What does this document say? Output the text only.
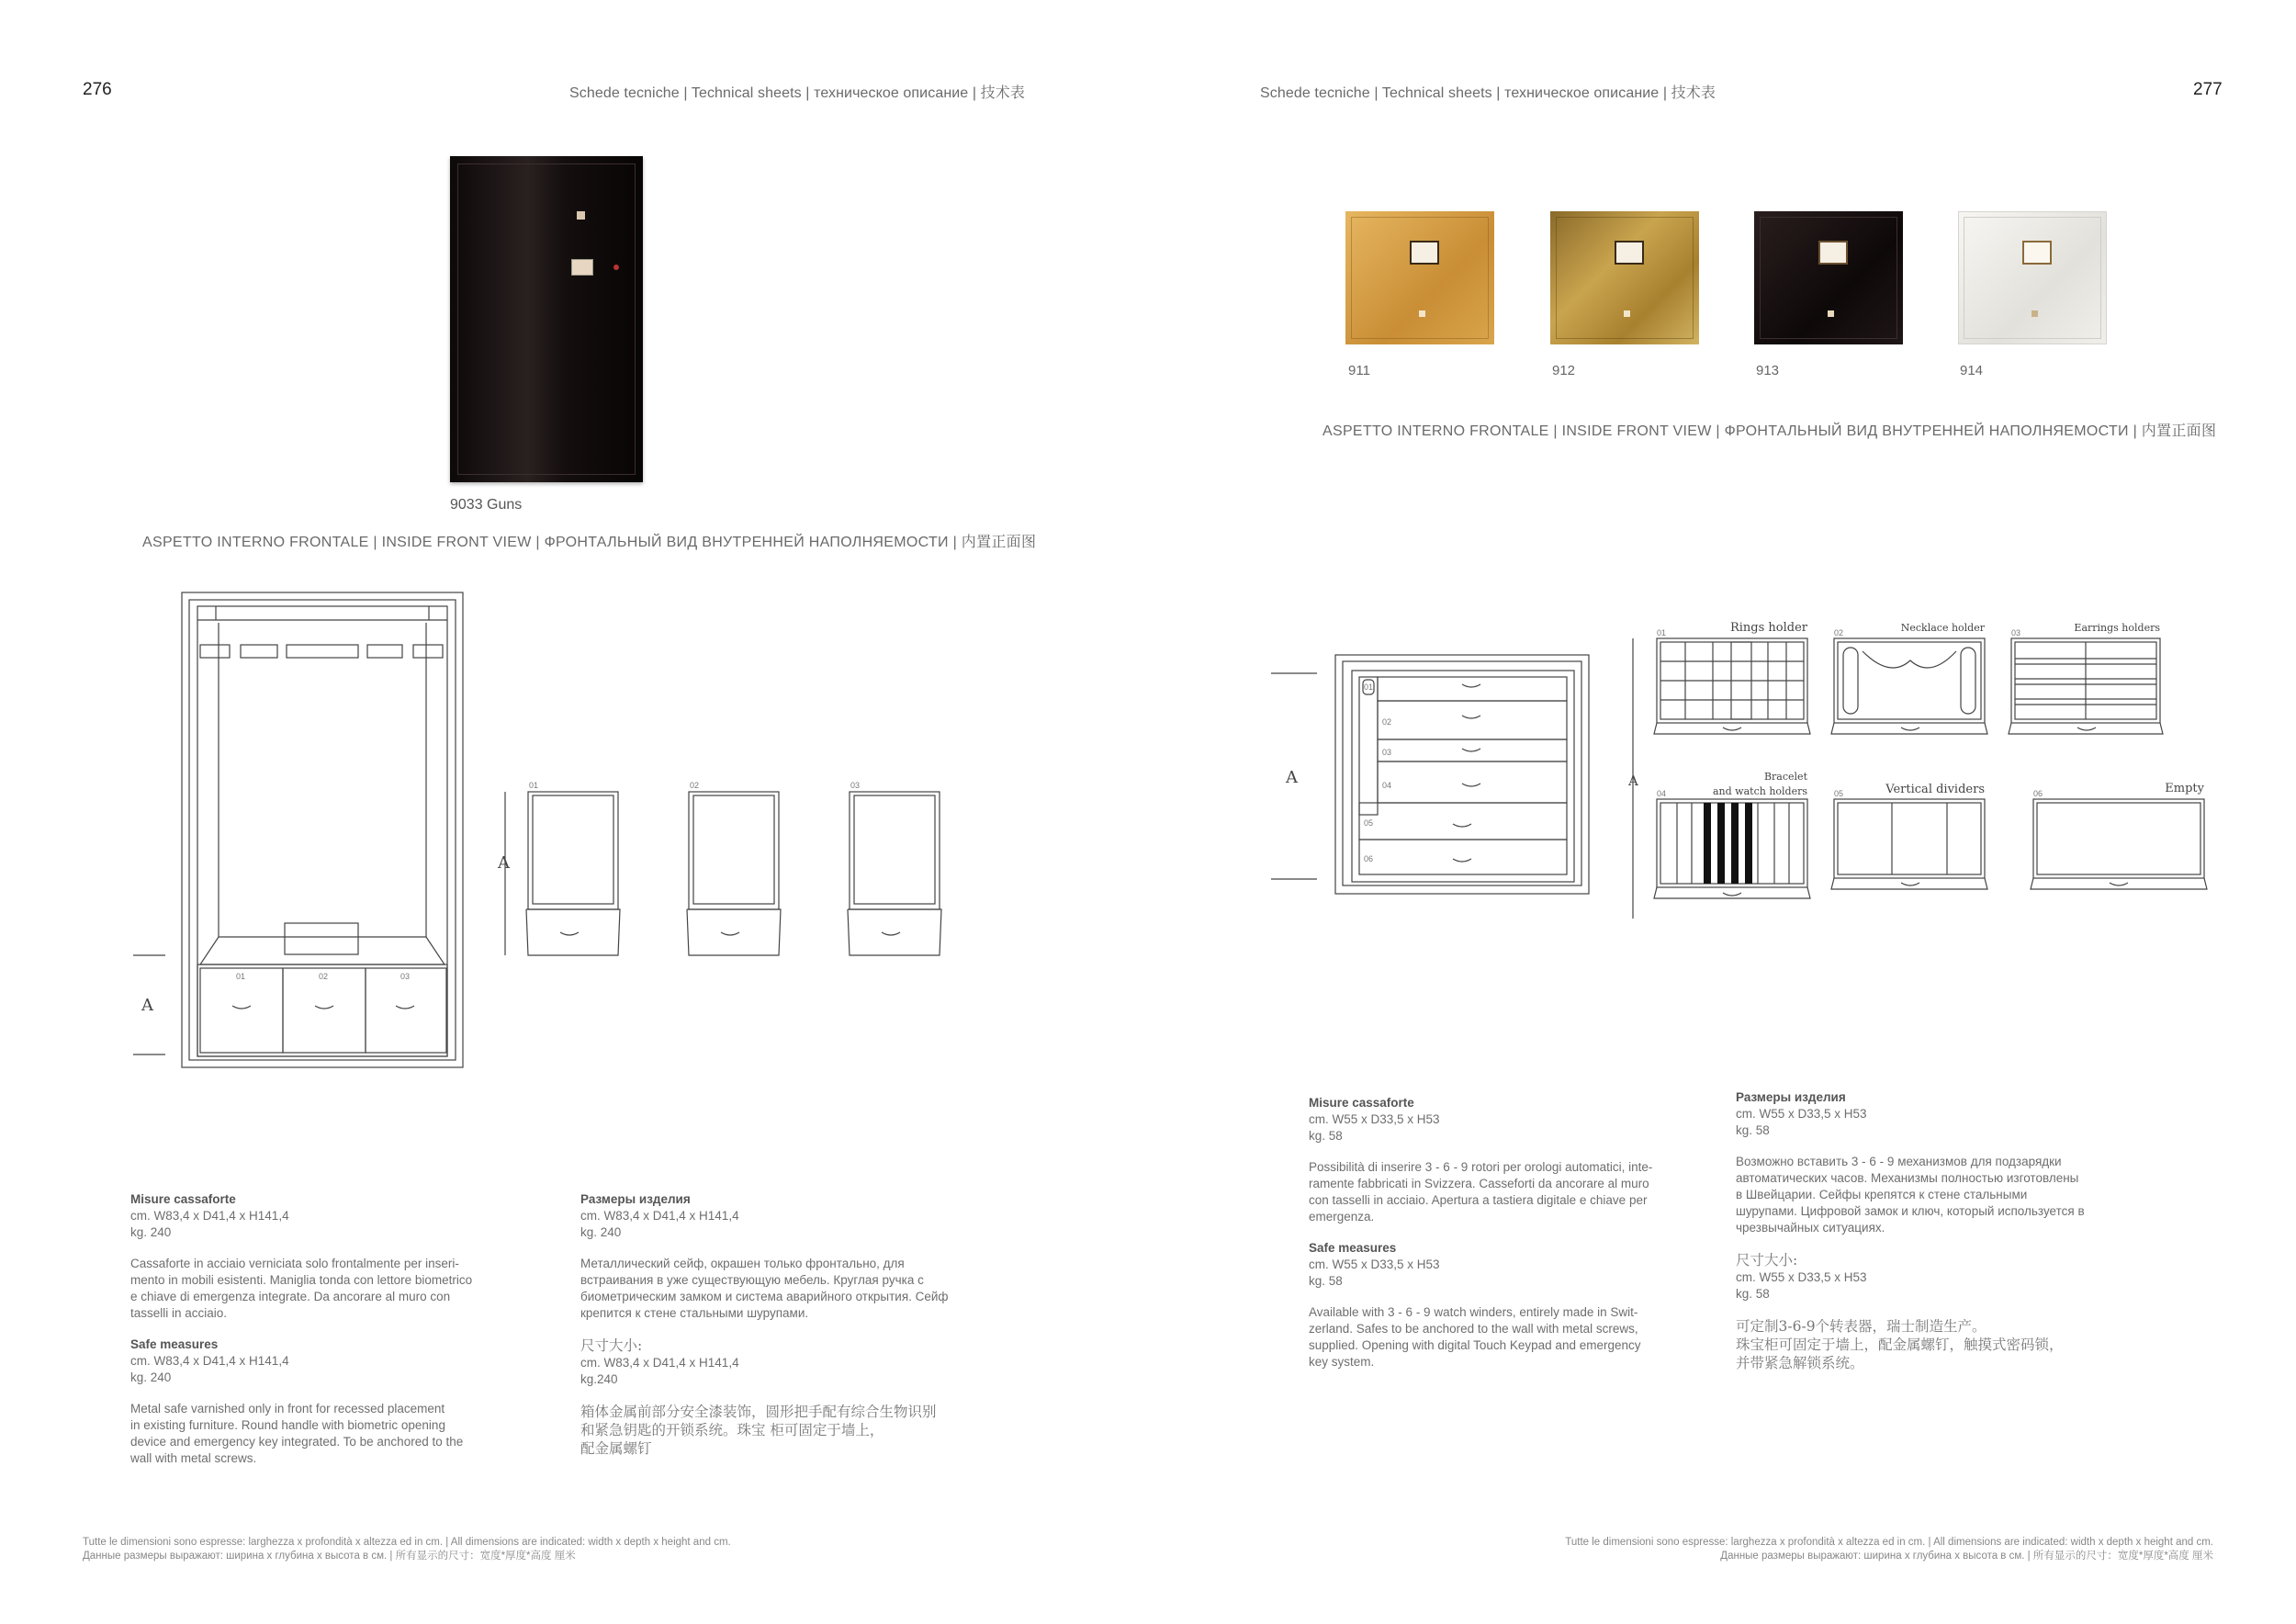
276	Schede tecniche | Technical sheets | техническое описание | 技术表
9033 Guns
ASPETTO INTERNO FRONTALE | INSIDE FRONT VIEW | ФРОНТАЛЬНЫЙ ВИД ВНУТРЕННЕЙ НАПОЛНЯЕМОСТИ | 内置正面图
01	02	03
01	02	03
A
A

Misure cassaforte

cm. W83,4 x D41,4 x H141,4

kg. 240

Cassaforte in acciaio verniciata solo frontalmente per inseri-

mento in mobili esistenti. Maniglia tonda con lettore biometrico

e chiave di emergenza integrate. Da ancorare al muro con

tasselli in acciaio.

Safe measures

cm. W83,4 x D41,4 x H141,4

kg. 240

Metal safe varnished only in front for recessed placement

in existing furniture. Round handle with biometric opening

device and emergency key integrated. To be anchored to the

wall with metal screws.

Размеры изделия

cm. W83,4 x D41,4 x H141,4

kg. 240

Металлический сейф, окрашен только фронтально, для

встраивания в уже существующую мебель. Круглая ручка с

биометрическим замком и система аварийного открытия. Сейф

крепится к стене стальными шурупами.

尺寸大小:

cm. W83,4 x D41,4 x H141,4

kg.240

箱体金属前部分安全漆装饰，圆形把手配有综合生物识别

和紧急钥匙的开锁系统。珠宝 柜可固定于墙上，

配金属螺钉

Tutte le dimensioni sono espresse: larghezza x profondità x altezza ed in cm. | All dimensions are indicated: width x depth x height and cm.
Данные размеры выражают: ширина x глубина x высота в см. | 所有显示的尺寸：宽度*厚度*高度 厘米
Schede tecniche | Technical sheets | техническое описание | 技术表	277
911	912	913	914
ASPETTO INTERNO FRONTALE | INSIDE FRONT VIEW | ФРОНТАЛЬНЫЙ ВИД ВНУТРЕННЕЙ НАПОЛНЯЕМОСТИ | 内置正面图
A	A
01
02
03
04
05
06
01	Rings holder	02	Necklace holder	03	Earrings holders
04
Bracelet
and watch holders	05	Vertical dividers	06	Empty

Misure cassaforte

cm. W55 x D33,5 x H53

kg. 58

Possibilità di inserire 3 - 6 - 9 rotori per orologi automatici, inte-

ramente fabbricati in Svizzera. Casseforti da ancorare al muro

con tasselli in acciaio. Apertura a tastiera digitale e chiave per

emergenza.

Safe measures

cm. W55 x D33,5 x H53

kg. 58

Available with 3 - 6 - 9 watch winders, entirely made in Swit-

zerland. Safes to be anchored to the wall with metal screws,

supplied. Opening with digital Touch Keypad and emergency

key system.

Размеры изделия

cm. W55 x D33,5 x H53

kg. 58

Возможно вставить 3 - 6 - 9 механизмов для подзарядки

автоматических часов. Механизмы полностью изготовлены

в Швейцарии. Сейфы крепятся к стене стальными

шурупами. Цифровой замок и ключ, который используется в

чрезвычайных ситуациях.

尺寸大小:

cm. W55 x D33,5 x H53

kg. 58

可定制3-6-9个转表器，瑞士制造生产。

珠宝柜可固定于墙上，配金属螺钉，触摸式密码锁，

并带紧急解锁系统。

Tutte le dimensioni sono espresse: larghezza x profondità x altezza ed in cm. | All dimensions are indicated: width x depth x height and cm.
Данные размеры выражают: ширина x глубина x высота в см. | 所有显示的尺寸：宽度*厚度*高度 厘米
